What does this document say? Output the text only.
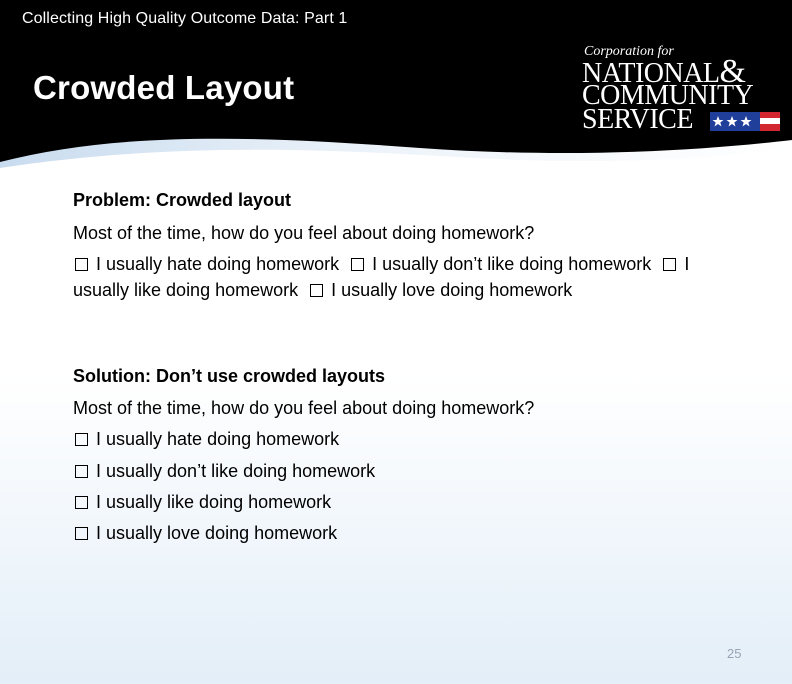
Collecting High Quality Outcome Data: Part 1
Crowded Layout
Corporation for
NATIONAL&
COMMUNITY
SERVICE
Problem: Crowded layout
Most of the time, how do you feel about doing homework?
I usually hate doing homework I usually don’t like doing homework I usually like doing homework I usually love doing homework
Solution: Don’t use crowded layouts
Most of the time, how do you feel about doing homework?
I usually hate doing homework
I usually don’t like doing homework
I usually like doing homework
I usually love doing homework
25
